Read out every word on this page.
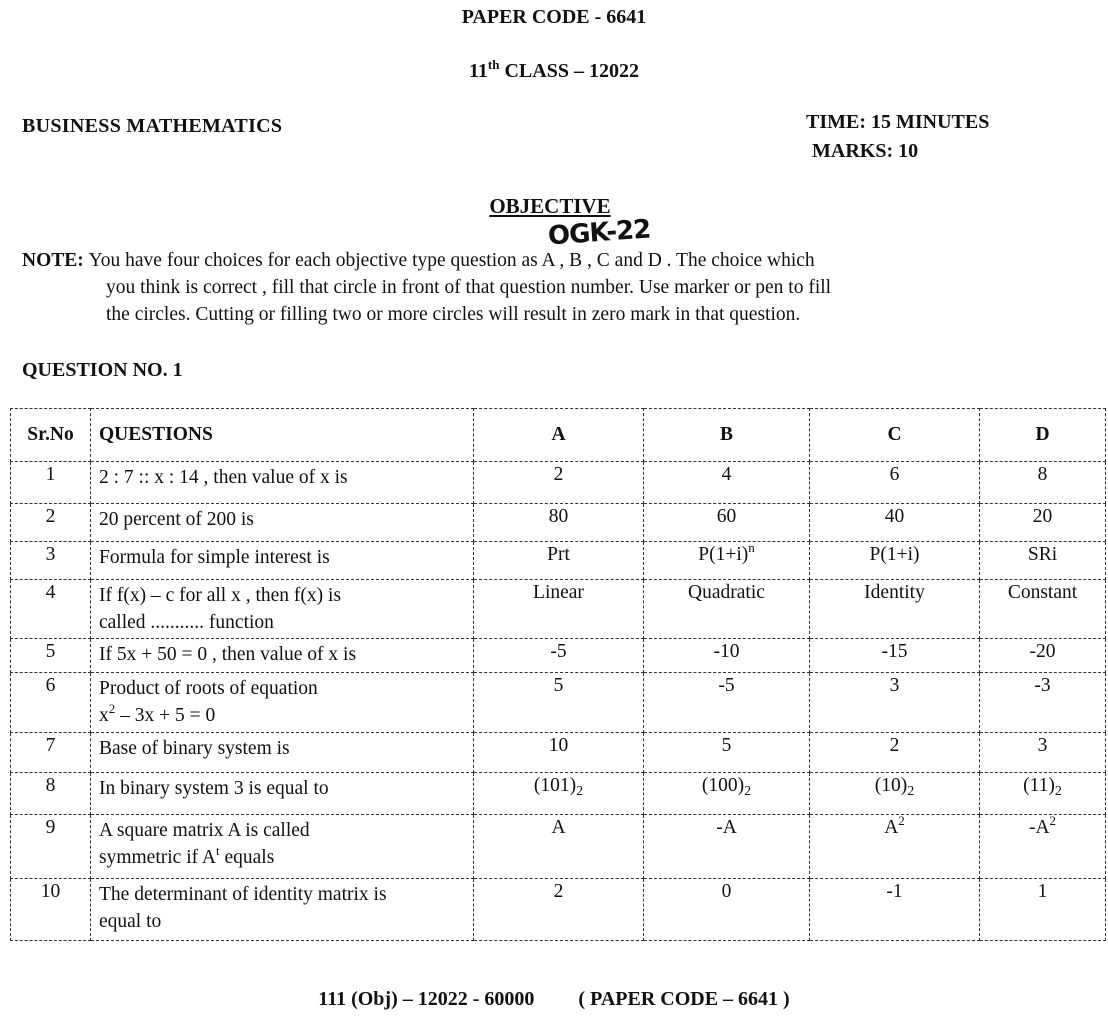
PAPER CODE - 6641
11th CLASS – 12022
BUSINESS MATHEMATICS	TIME: 15 MINUTES
MARKS: 10
OBJECTIVE
OGK-22
NOTE:
You have four choices for each objective type question as A , B , C and D . The choice which
you think is correct , fill that circle in front of that question number. Use marker or pen to fill
the circles. Cutting or filling two or more circles will result in zero mark in that question.
QUESTION NO. 1
Sr.No	QUESTIONS	A	B	C	D
1	2 : 7 :: x : 14 , then value of x is	2	4	6	8
2	20 percent of 200 is	80	60	40	20
3	Formula for simple interest is	Prt	$P(1+i)^n$	P(1+i)	SRi
4	If f(x) – c for all x , then f(x) is
called ........... function	Linear	Quadratic	Identity	Constant
5	If 5x + 50 = 0 , then value of x is	-5	-10	-15	-20
6	Product of roots of equation
$x^2 - 3x + 5 = 0$	5	-5	3	-3
7	Base of binary system is	10	5	2	3
8	In binary system 3 is equal to	$(101)_2$	$(100)_2$	$(10)_2$	$(11)_2$
9	A square matrix A is called
symmetric if $A^t$ equals	A	-A	$A^2$	$-A^2$
10	The determinant of identity matrix is
equal to	2	0	-1	1
111 (Obj) – 12022 - 60000 ( PAPER CODE – 6641 )
